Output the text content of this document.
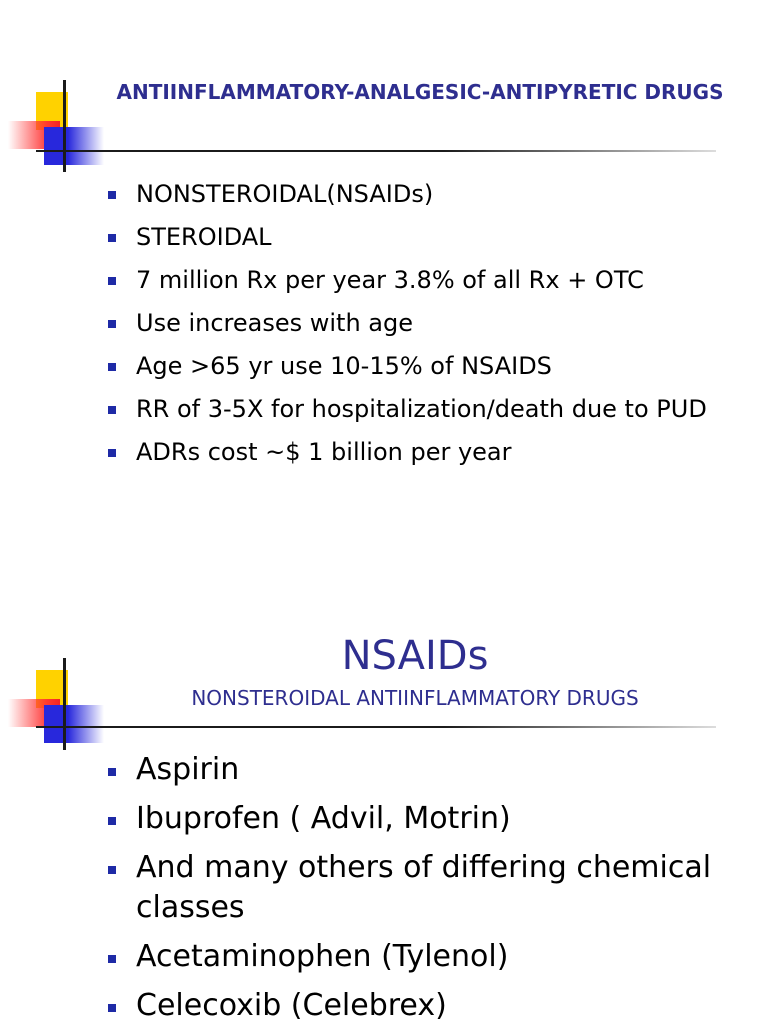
ANTIINFLAMMATORY-ANALGESIC-ANTIPYRETIC DRUGS
NONSTEROIDAL(NSAIDs)
STEROIDAL
7 million Rx per year 3.8% of all Rx + OTC
Use increases with age
Age >65 yr use 10-15% of NSAIDS
RR of 3-5X for hospitalization/death due to PUD
ADRs cost ~$ 1 billion per year
NSAIDs
NONSTEROIDAL ANTIINFLAMMATORY DRUGS
Aspirin
Ibuprofen ( Advil, Motrin)
And many others of differing chemical classes
Acetaminophen (Tylenol)
Celecoxib (Celebrex)
